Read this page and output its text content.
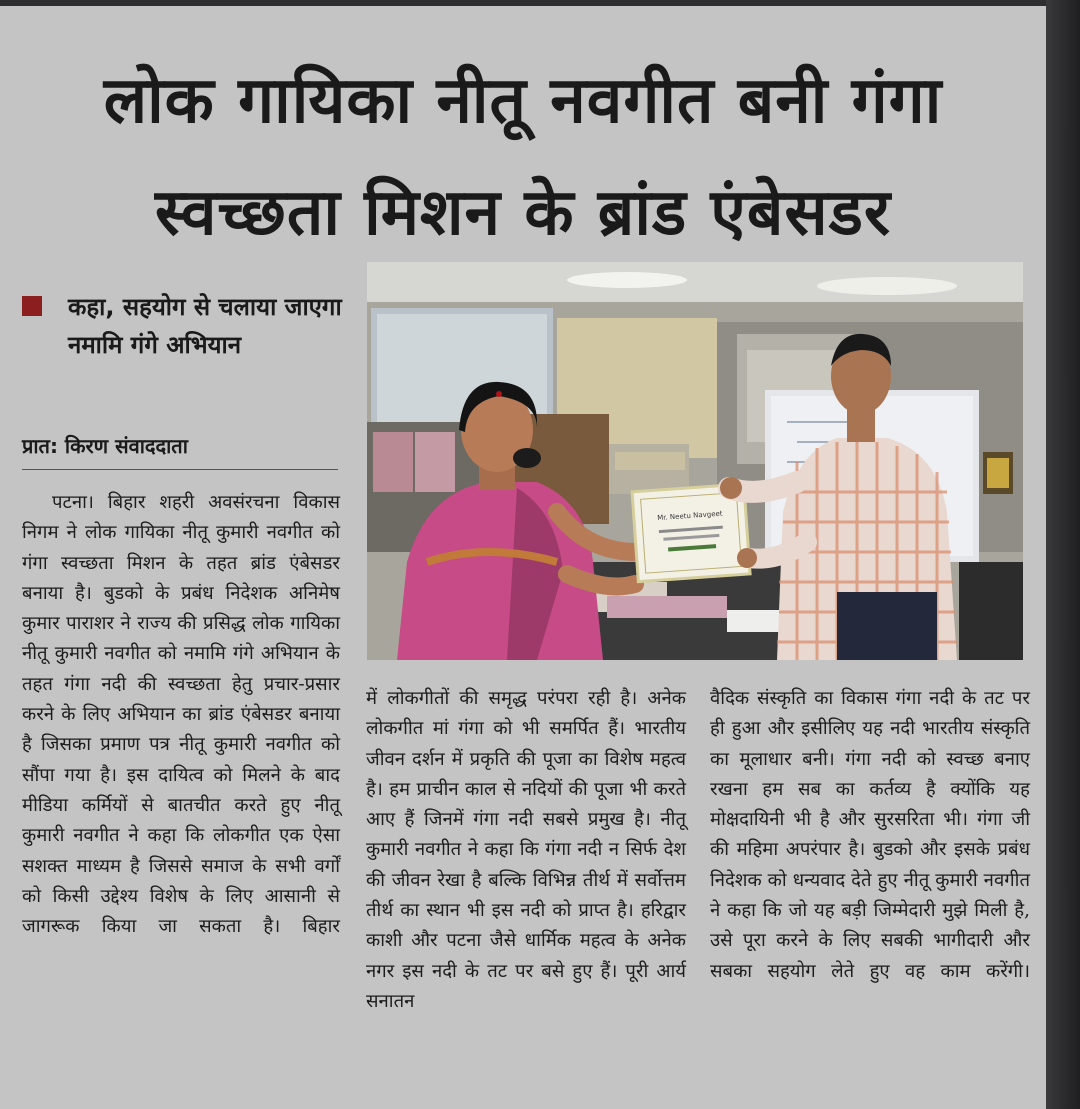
लोक गायिका नीतू नवगीत बनी गंगा
स्वच्छता मिशन के ब्रांड एंबेसडर
कहा, सहयोग से चलाया जाएगा नमामि गंगे अभियान
प्रात: किरण संवाददाता

पटना। बिहार शहरी अवसंरचना विकास निगम ने लोक गायिका नीतू कुमारी नवगीत को गंगा स्वच्छता मिशन के तहत ब्रांड एंबेसडर बनाया है। बुडको के प्रबंध निदेशक अनिमेष कुमार पाराशर ने राज्य की प्रसिद्ध लोक गायिका नीतू कुमारी नवगीत को नमामि गंगे अभियान के तहत गंगा नदी की स्वच्छता हेतु प्रचार-प्रसार करने के लिए अभियान का ब्रांड एंबेसडर बनाया है जिसका प्रमाण पत्र नीतू कुमारी नवगीत को सौंपा गया है। इस दायित्व को मिलने के बाद मीडिया कर्मियों से बातचीत करते हुए नीतू कुमारी नवगीत ने कहा कि लोकगीत एक ऐसा सशक्त माध्यम है जिससे समाज के सभी वर्गों को किसी उद्देश्य विशेष के लिए आसानी से जागरूक किया जा सकता है। बिहार

Mr. Neetu Navgeet

में लोकगीतों की समृद्ध परंपरा रही है। अनेक लोकगीत मां गंगा को भी समर्पित हैं। भारतीय जीवन दर्शन में प्रकृति की पूजा का विशेष महत्व है। हम प्राचीन काल से नदियों की पूजा भी करते आए हैं जिनमें गंगा नदी सबसे प्रमुख है। नीतू कुमारी नवगीत ने कहा कि गंगा नदी न सिर्फ देश की जीवन रेखा है बल्कि विभिन्न तीर्थ में सर्वोत्तम तीर्थ का स्थान भी इस नदी को प्राप्त है। हरिद्वार काशी और पटना जैसे धार्मिक महत्व के अनेक नगर इस नदी के तट पर बसे हुए हैं। पूरी आर्य सनातन

वैदिक संस्कृति का विकास गंगा नदी के तट पर ही हुआ और इसीलिए यह नदी भारतीय संस्कृति का मूलाधार बनी। गंगा नदी को स्वच्छ बनाए रखना हम सब का कर्तव्य है क्योंकि यह मोक्षदायिनी भी है और सुरसरिता भी। गंगा जी की महिमा अपरंपार है। बुडको और इसके प्रबंध निदेशक को धन्यवाद देते हुए नीतू कुमारी नवगीत ने कहा कि जो यह बड़ी जिम्मेदारी मुझे मिली है, उसे पूरा करने के लिए सबकी भागीदारी और सबका सहयोग लेते हुए वह काम करेंगी।
